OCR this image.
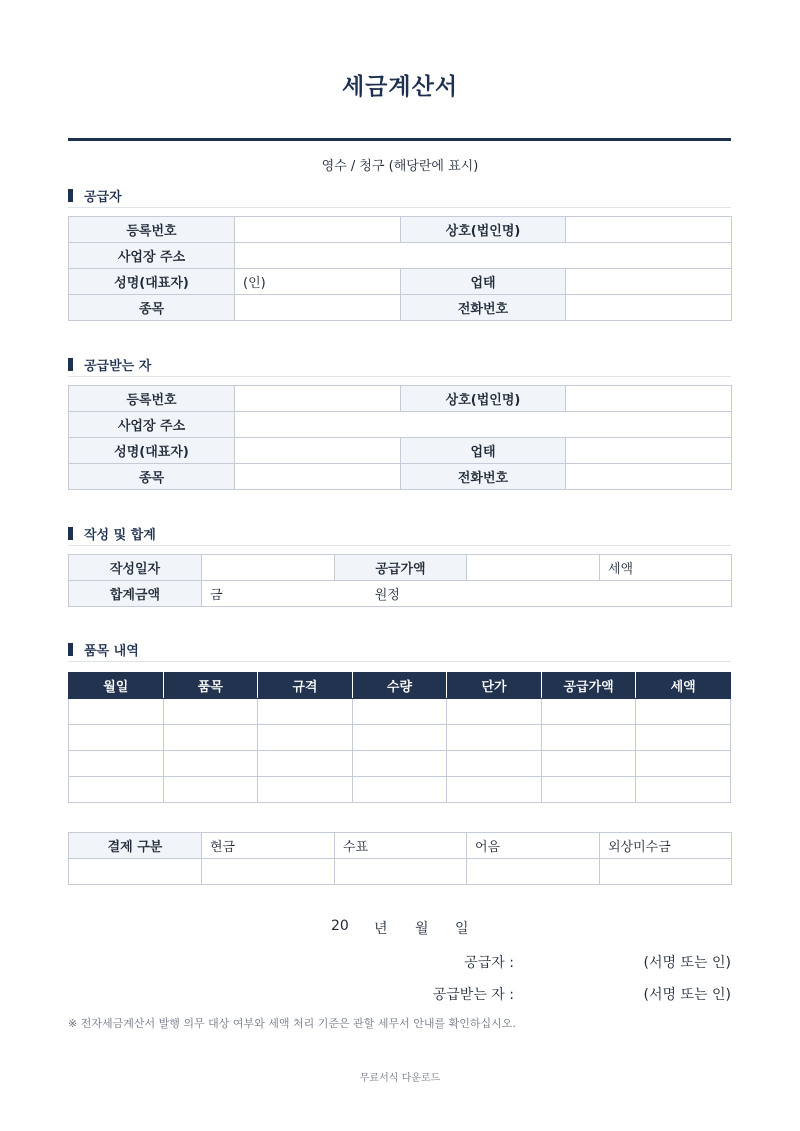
세금계산서
영수 / 청구 (해당란에 표시)
공급자
등록번호		상호(법인명)	
사업장 주소			
성명(대표자)	(인)	업태	
종목		전화번호	
공급받는 자
등록번호		상호(법인명)	
사업장 주소			
성명(대표자)		업태	
종목		전화번호	
작성 및 합계
작성일자		공급가액		세액
합계금액	금 원정			
품목 내역
월일	품목	규격	수량	단가	공급가액	세액

결제 구분	현금	수표	어음	외상미수금

20 년 월 일
공급자 :	(서명 또는 인)
공급받는 자 :	(서명 또는 인)
※ 전자세금계산서 발행 의무 대상 여부와 세액 처리 기준은 관할 세무서 안내를 확인하십시오.
무료서식 다운로드
